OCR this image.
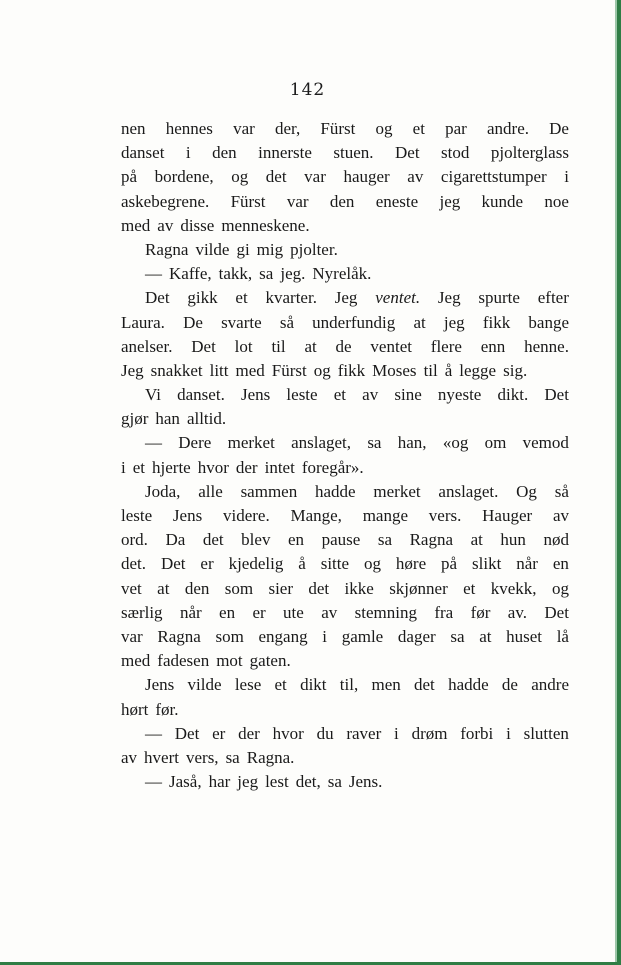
142
nen hennes var der, Fürst og et par andre. De
danset i den innerste stuen. Det stod pjolterglass
på bordene, og det var hauger av cigarettstumper i
askebegrene. Fürst var den eneste jeg kunde noe
med av disse menneskene.
Ragna vilde gi mig pjolter.
— Kaffe, takk, sa jeg. Nyrelåk.
Det gikk et kvarter. Jeg ventet. Jeg spurte efter
Laura. De svarte så underfundig at jeg fikk bange
anelser. Det lot til at de ventet flere enn henne.
Jeg snakket litt med Fürst og fikk Moses til å legge sig.
Vi danset. Jens leste et av sine nyeste dikt. Det
gjør han alltid.
— Dere merket anslaget, sa han, «og om vemod
i et hjerte hvor der intet foregår».
Joda, alle sammen hadde merket anslaget. Og så
leste Jens videre. Mange, mange vers. Hauger av
ord. Da det blev en pause sa Ragna at hun nød
det. Det er kjedelig å sitte og høre på slikt når en
vet at den som sier det ikke skjønner et kvekk, og
særlig når en er ute av stemning fra før av. Det
var Ragna som engang i gamle dager sa at huset lå
med fadesen mot gaten.
Jens vilde lese et dikt til, men det hadde de andre
hørt før.
— Det er der hvor du raver i drøm forbi i slutten
av hvert vers, sa Ragna.
— Jaså, har jeg lest det, sa Jens.
